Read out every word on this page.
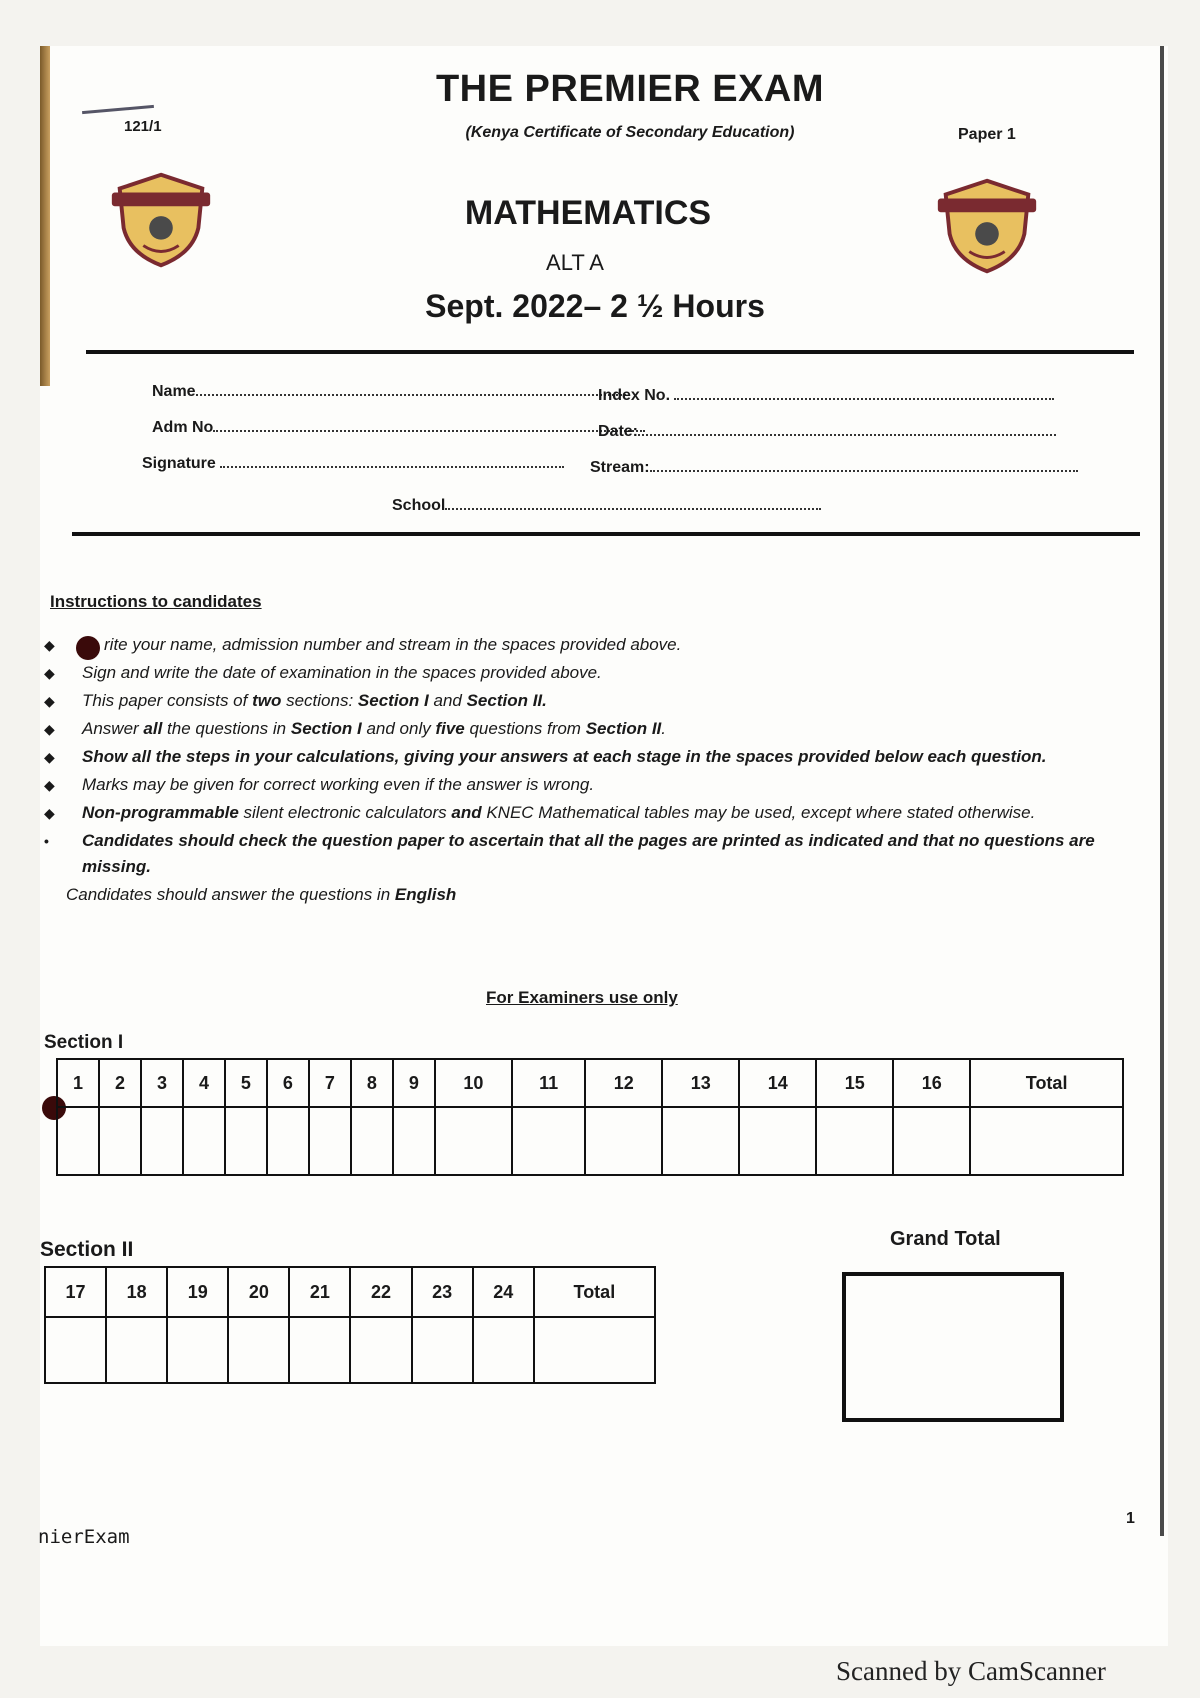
121/1
THE PREMIER EXAM
(Kenya Certificate of Secondary Education)	Paper 1
MATHEMATICS
ALT A
Sept. 2022– 2 ½ Hours
Name	Index No.
Adm No	Date:
Signature	Stream:
School
Instructions to candidates
◆	rite your name, admission number and stream in the spaces provided above.
◆ Sign and write the date of examination in the spaces provided above.
◆ This paper consists of two sections: Section I and Section II.
◆ Answer all the questions in Section I and only five questions from Section II.
◆ Show all the steps in your calculations, giving your answers at each stage in the spaces provided below each question.
◆ Marks may be given for correct working even if the answer is wrong.
◆ Non-programmable silent electronic calculators and KNEC Mathematical tables may be used, except where stated otherwise.
• Candidates should check the question paper to ascertain that all the pages are printed as indicated and that no questions are missing.
Candidates should answer the questions in English
For Examiners use only
Section I
1	2	3	4	5	6	7	8	9	10	11	12	13	14	15	16	Total

Section II	Grand Total
17	18	19	20	21	22	23	24	Total

1
nierExam
Scanned by CamScanner
